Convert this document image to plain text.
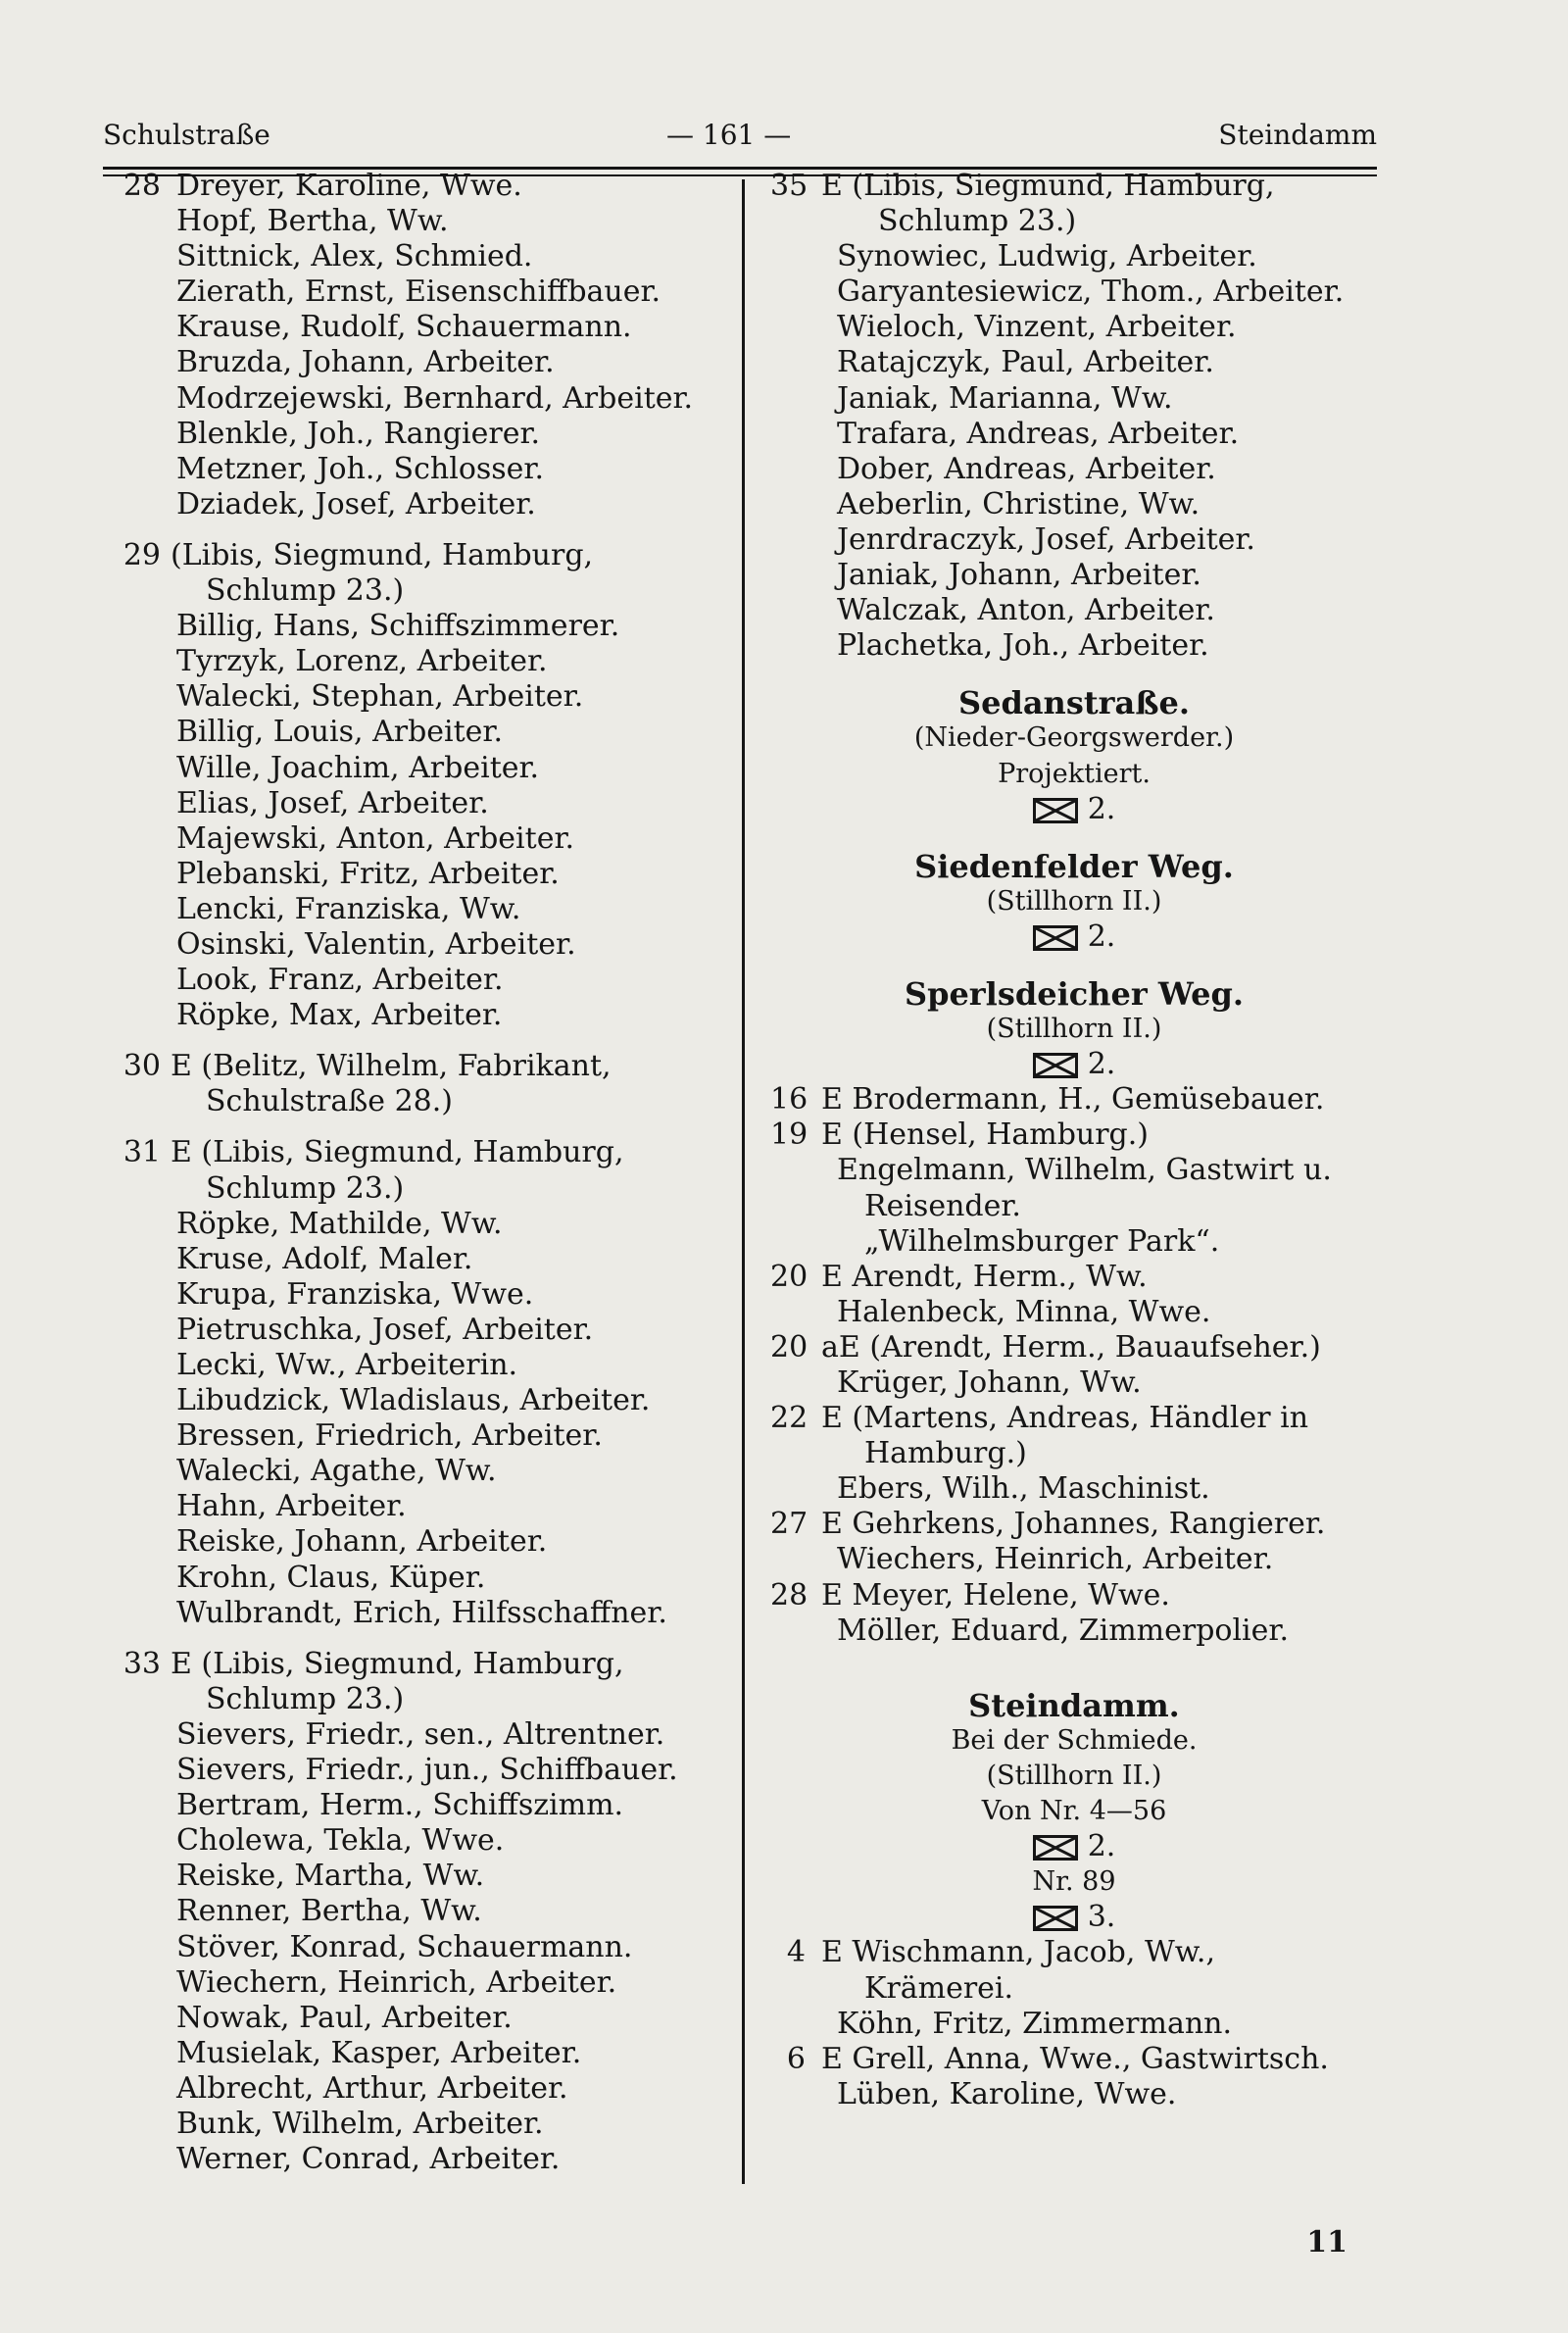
Schulstraße	— 161 —	Steindamm
28 Dreyer, Karoline, Wwe.
Hopf, Bertha, Ww.
Sittnick, Alex, Schmied.
Zierath, Ernst, Eisenschiffbauer.
Krause, Rudolf, Schauermann.
Bruzda, Johann, Arbeiter.
Modrzejewski, Bernhard, Arbeiter.
Blenkle, Joh., Rangierer.
Metzner, Joh., Schlosser.
Dziadek, Josef, Arbeiter.
29 (Libis, Siegmund, Hamburg,
Schlump 23.)
Billig, Hans, Schiffszimmerer.
Tyrzyk, Lorenz, Arbeiter.
Walecki, Stephan, Arbeiter.
Billig, Louis, Arbeiter.
Wille, Joachim, Arbeiter.
Elias, Josef, Arbeiter.
Majewski, Anton, Arbeiter.
Plebanski, Fritz, Arbeiter.
Lencki, Franziska, Ww.
Osinski, Valentin, Arbeiter.
Look, Franz, Arbeiter.
Röpke, Max, Arbeiter.
30 E (Belitz, Wilhelm, Fabrikant,
Schulstraße 28.)
31 E (Libis, Siegmund, Hamburg,
Schlump 23.)
Röpke, Mathilde, Ww.
Kruse, Adolf, Maler.
Krupa, Franziska, Wwe.
Pietruschka, Josef, Arbeiter.
Lecki, Ww., Arbeiterin.
Libudzick, Wladislaus, Arbeiter.
Bressen, Friedrich, Arbeiter.
Walecki, Agathe, Ww.
Hahn, Arbeiter.
Reiske, Johann, Arbeiter.
Krohn, Claus, Küper.
Wulbrandt, Erich, Hilfsschaffner.
33 E (Libis, Siegmund, Hamburg,
Schlump 23.)
Sievers, Friedr., sen., Altrentner.
Sievers, Friedr., jun., Schiffbauer.
Bertram, Herm., Schiffszimm.
Cholewa, Tekla, Wwe.
Reiske, Martha, Ww.
Renner, Bertha, Ww.
Stöver, Konrad, Schauermann.
Wiechern, Heinrich, Arbeiter.
Nowak, Paul, Arbeiter.
Musielak, Kasper, Arbeiter.
Albrecht, Arthur, Arbeiter.
Bunk, Wilhelm, Arbeiter.
Werner, Conrad, Arbeiter.
35 E (Libis, Siegmund, Hamburg,
Schlump 23.)
Synowiec, Ludwig, Arbeiter.
Garyantesiewicz, Thom., Arbeiter.
Wieloch, Vinzent, Arbeiter.
Ratajczyk, Paul, Arbeiter.
Janiak, Marianna, Ww.
Trafara, Andreas, Arbeiter.
Dober, Andreas, Arbeiter.
Aeberlin, Christine, Ww.
Jenrdraczyk, Josef, Arbeiter.
Janiak, Johann, Arbeiter.
Walczak, Anton, Arbeiter.
Plachetka, Joh., Arbeiter.
Sedanstraße.
(Nieder-Georgswerder.)
Projektiert.
2.
Siedenfelder Weg.
(Stillhorn II.)
2.
Sperlsdeicher Weg.
(Stillhorn II.)
2.
16 E Brodermann, H., Gemüsebauer.
19 E (Hensel, Hamburg.)
Engelmann, Wilhelm, Gastwirt u.
Reisender.
„Wilhelmsburger Park“.
20 E Arendt, Herm., Ww.
Halenbeck, Minna, Wwe.
20 aE (Arendt, Herm., Bauaufseher.)
Krüger, Johann, Ww.
22 E (Martens, Andreas, Händler in
Hamburg.)
Ebers, Wilh., Maschinist.
27 E Gehrkens, Johannes, Rangierer.
Wiechers, Heinrich, Arbeiter.
28 E Meyer, Helene, Wwe.
Möller, Eduard, Zimmerpolier.
Steindamm.
Bei der Schmiede.
(Stillhorn II.)
Von Nr. 4—56
2.
Nr. 89
3.
4 E Wischmann, Jacob, Ww.,
Krämerei.
Köhn, Fritz, Zimmermann.
6 E Grell, Anna, Wwe., Gastwirtsch.
Lüben, Karoline, Wwe.
11
